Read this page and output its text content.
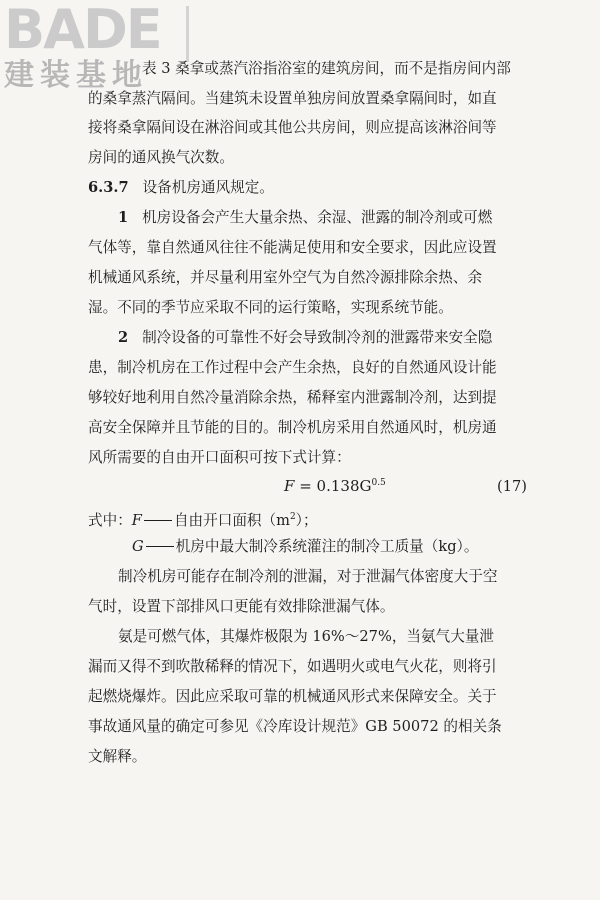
BADE
建装基地
表 3 桑拿或蒸汽浴指浴室的建筑房间，而不是指房间内部
的桑拿蒸汽隔间。当建筑未设置单独房间放置桑拿隔间时，如直
接将桑拿隔间设在淋浴间或其他公共房间，则应提高该淋浴间等
房间的通风换气次数。
6.3.7 设备机房通风规定。
1 机房设备会产生大量余热、余湿、泄露的制冷剂或可燃
气体等，靠自然通风往往不能满足使用和安全要求，因此应设置
机械通风系统，并尽量利用室外空气为自然冷源排除余热、余
湿。不同的季节应采取不同的运行策略，实现系统节能。
2 制冷设备的可靠性不好会导致制冷剂的泄露带来安全隐
患，制冷机房在工作过程中会产生余热，良好的自然通风设计能
够较好地利用自然冷量消除余热，稀释室内泄露制冷剂，达到提
高安全保障并且节能的目的。制冷机房采用自然通风时，机房通
风所需要的自由开口面积可按下式计算：
$F = 0.138G^{0.5}$	(17)
式中：F 自由开口面积$(m^2)$；
G 机房中最大制冷系统灌注的制冷工质量（kg）。
制冷机房可能存在制冷剂的泄漏，对于泄漏气体密度大于空
气时，设置下部排风口更能有效排除泄漏气体。
氨是可燃气体，其爆炸极限为 16%～27%，当氨气大量泄
漏而又得不到吹散稀释的情况下，如遇明火或电气火花，则将引
起燃烧爆炸。因此应采取可靠的机械通风形式来保障安全。关于
事故通风量的确定可参见《冷库设计规范》GB 50072 的相关条
文解释。
